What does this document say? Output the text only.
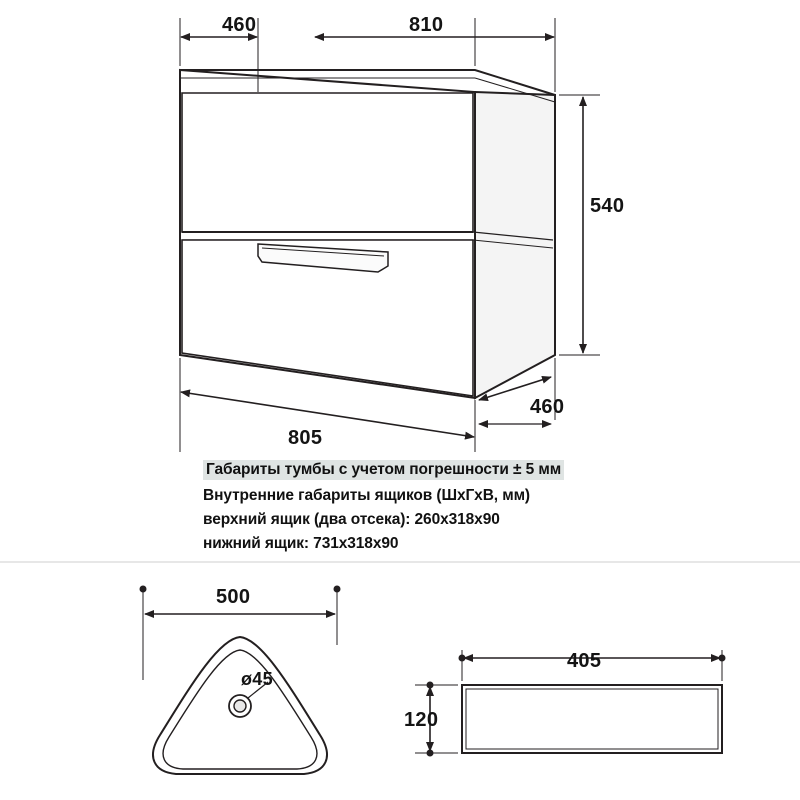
460	810
540
805
460
Габариты тумбы с учетом погрешности ± 5 мм
Внутренние габариты ящиков (ШхГхВ, мм)
верхний ящик (два отсека): 260х318х90
нижний ящик: 731х318х90
500
ø45
405
120
